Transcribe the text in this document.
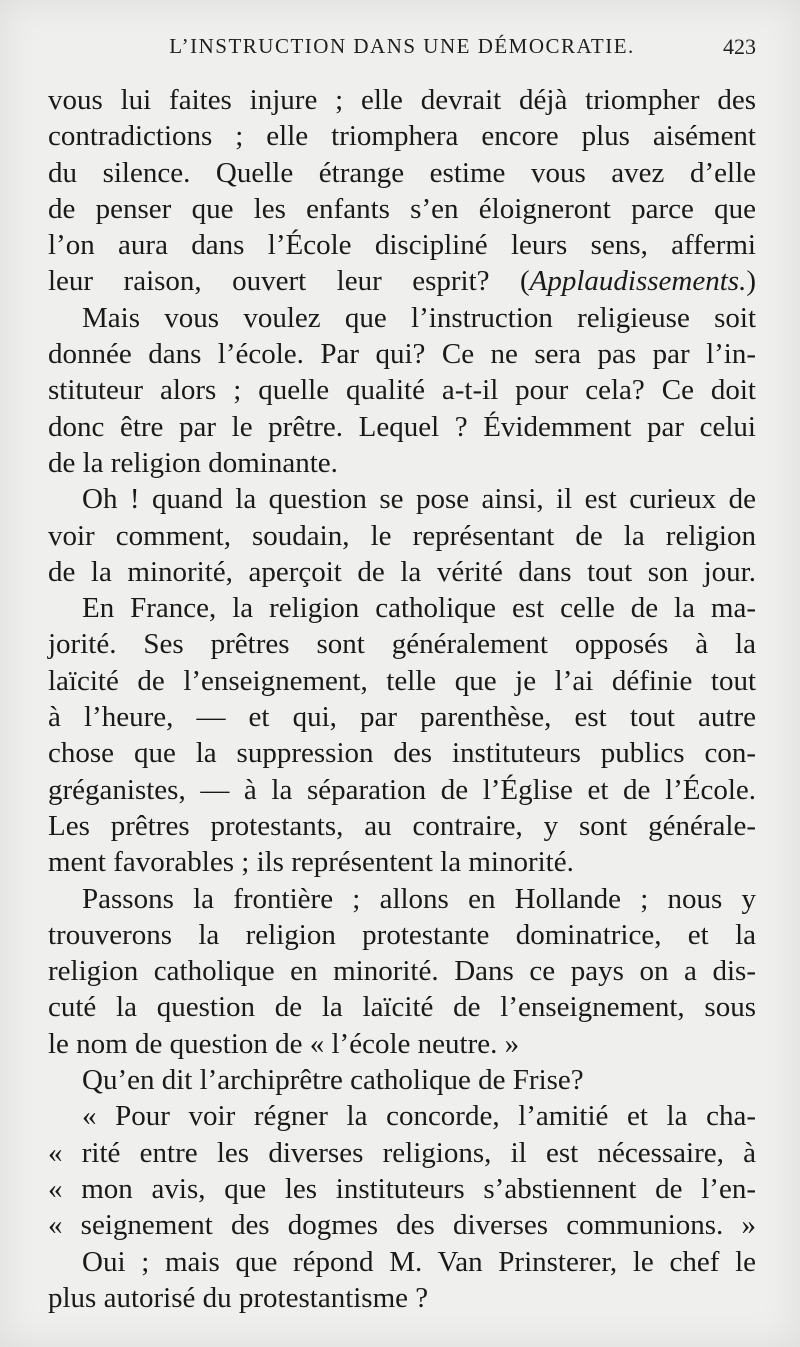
L’INSTRUCTION DANS UNE DÉMOCRATIE.	423
vous lui faites injure ; elle devrait déjà triompher des
contradictions ; elle triomphera encore plus aisément
du silence. Quelle étrange estime vous avez d’elle
de penser que les enfants s’en éloigneront parce que
l’on aura dans l’École discipliné leurs sens, affermi
leur raison, ouvert leur esprit? (Applaudissements.)
Mais vous voulez que l’instruction religieuse soit
donnée dans l’école. Par qui? Ce ne sera pas par l’in-
stituteur alors ; quelle qualité a-t-il pour cela? Ce doit
donc être par le prêtre. Lequel ? Évidemment par celui
de la religion dominante.
Oh ! quand la question se pose ainsi, il est curieux de
voir comment, soudain, le représentant de la religion
de la minorité, aperçoit de la vérité dans tout son jour.
En France, la religion catholique est celle de la ma-
jorité. Ses prêtres sont généralement opposés à la
laïcité de l’enseignement, telle que je l’ai définie tout
à l’heure, — et qui, par parenthèse, est tout autre
chose que la suppression des instituteurs publics con-
gréganistes, — à la séparation de l’Église et de l’École.
Les prêtres protestants, au contraire, y sont générale-
ment favorables ; ils représentent la minorité.
Passons la frontière ; allons en Hollande ; nous y
trouverons la religion protestante dominatrice, et la
religion catholique en minorité. Dans ce pays on a dis-
cuté la question de la laïcité de l’enseignement, sous
le nom de question de « l’école neutre. »
Qu’en dit l’archiprêtre catholique de Frise?
« Pour voir régner la concorde, l’amitié et la cha-
« rité entre les diverses religions, il est nécessaire, à
« mon avis, que les instituteurs s’abstiennent de l’en-
« seignement des dogmes des diverses communions. »
Oui ; mais que répond M. Van Prinsterer, le chef le
plus autorisé du protestantisme ?
